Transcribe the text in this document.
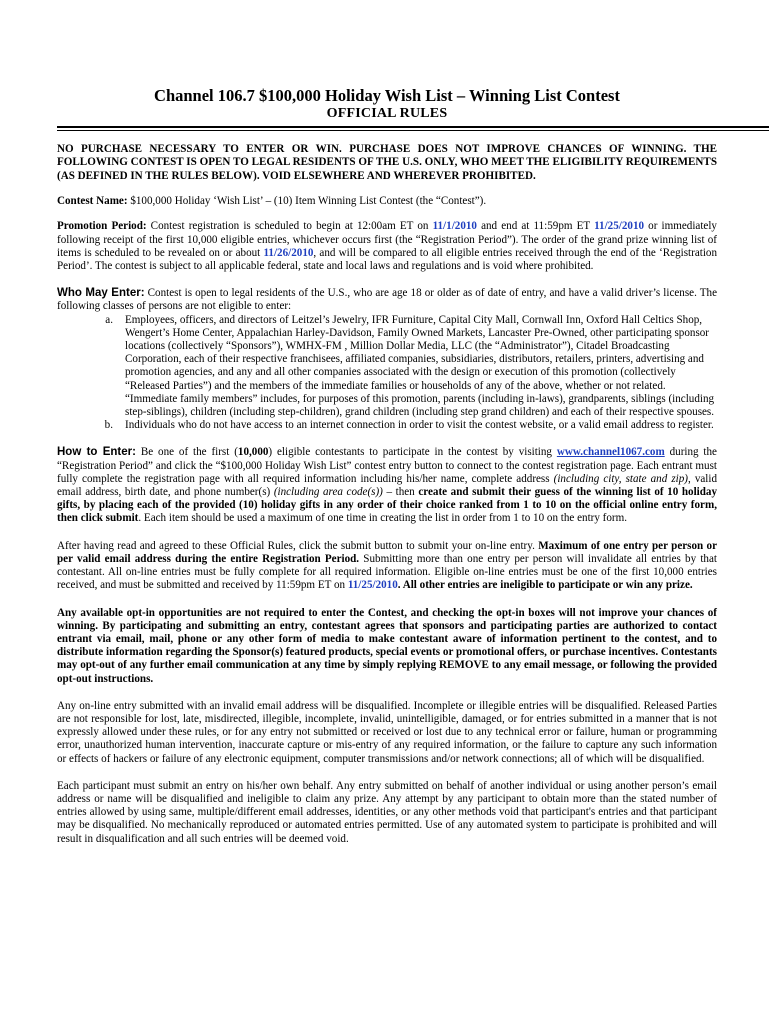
Channel 106.7 $100,000 Holiday Wish List – Winning List Contest
OFFICIAL RULES

NO PURCHASE NECESSARY TO ENTER OR WIN. PURCHASE DOES NOT IMPROVE CHANCES OF WINNING. THE FOLLOWING CONTEST IS OPEN TO LEGAL RESIDENTS OF THE U.S. ONLY, WHO MEET THE ELIGIBILITY REQUIREMENTS (AS DEFINED IN THE RULES BELOW). VOID ELSEWHERE AND WHEREVER PROHIBITED.

Contest Name: $100,000 Holiday ‘Wish List’ – (10) Item Winning List Contest (the “Contest”).

Promotion Period: Contest registration is scheduled to begin at 12:00am ET on 11/1/2010 and end at 11:59pm ET 11/25/2010 or immediately following receipt of the first 10,000 eligible entries, whichever occurs first (the “Registration Period”). The order of the grand prize winning list of items is scheduled to be revealed on or about 11/26/2010, and will be compared to all eligible entries received through the end of the ‘Registration Period’. The contest is subject to all applicable federal, state and local laws and regulations and is void where prohibited.

Who May Enter: Contest is open to legal residents of the U.S., who are age 18 or older as of date of entry, and have a valid driver’s license. The following classes of persons are not eligible to enter:

a.	Employees, officers, and directors of Leitzel’s Jewelry, IFR Furniture, Capital City Mall, Cornwall Inn, Oxford Hall Celtics Shop, Wengert’s Home Center, Appalachian Harley-Davidson, Family Owned Markets, Lancaster Pre-Owned, other participating sponsor locations (collectively “Sponsors”), WMHX-FM , Million Dollar Media, LLC (the “Administrator”), Citadel Broadcasting Corporation, each of their respective franchisees, affiliated companies, subsidiaries, distributors, retailers, printers, advertising and promotion agencies, and any and all other companies associated with the design or execution of this promotion (collectively “Released Parties”) and the members of the immediate families or households of any of the above, whether or not related. “Immediate family members” includes, for purposes of this promotion, parents (including in-laws), grandparents, siblings (including step-siblings), children (including step-children), grand children (including step grand children) and each of their respective spouses.
b.	Individuals who do not have access to an internet connection in order to visit the contest website, or a valid email address to register.

How to Enter: Be one of the first (10,000) eligible contestants to participate in the contest by visiting www.channel1067.com during the “Registration Period” and click the “$100,000 Holiday Wish List” contest entry button to connect to the contest registration page. Each entrant must fully complete the registration page with all required information including his/her name, complete address (including city, state and zip), valid email address, birth date, and phone number(s) (including area code(s)) – then create and submit their guess of the winning list of 10 holiday gifts, by placing each of the provided (10) holiday gifts in any order of their choice ranked from 1 to 10 on the official online entry form, then click submit. Each item should be used a maximum of one time in creating the list in order from 1 to 10 on the entry form.

After having read and agreed to these Official Rules, click the submit button to submit your on-line entry. Maximum of one entry per person or per valid email address during the entire Registration Period. Submitting more than one entry per person will invalidate all entries by that contestant. All on-line entries must be fully complete for all required information. Eligible on-line entries must be one of the first 10,000 entries received, and must be submitted and received by 11:59pm ET on 11/25/2010. All other entries are ineligible to participate or win any prize.

Any available opt-in opportunities are not required to enter the Contest, and checking the opt-in boxes will not improve your chances of winning. By participating and submitting an entry, contestant agrees that sponsors and participating parties are authorized to contact entrant via email, mail, phone or any other form of media to make contestant aware of information pertinent to the contest, and to distribute information regarding the Sponsor(s) featured products, special events or promotional offers, or purchase incentives. Contestants may opt-out of any further email communication at any time by simply replying REMOVE to any email message, or following the provided opt-out instructions.

Any on-line entry submitted with an invalid email address will be disqualified. Incomplete or illegible entries will be disqualified. Released Parties are not responsible for lost, late, misdirected, illegible, incomplete, invalid, unintelligible, damaged, or for entries submitted in a manner that is not expressly allowed under these rules, or for any entry not submitted or received or lost due to any technical error or failure, human or programming error, unauthorized human intervention, inaccurate capture or mis-entry of any required information, or the failure to capture any such information or effects of hackers or failure of any electronic equipment, computer transmissions and/or network connections; all of which will be disqualified.

Each participant must submit an entry on his/her own behalf. Any entry submitted on behalf of another individual or using another person’s email address or name will be disqualified and ineligible to claim any prize. Any attempt by any participant to obtain more than the stated number of entries allowed by using same, multiple/different email addresses, identities, or any other methods void that participant's entries and that participant may be disqualified. No mechanically reproduced or automated entries permitted. Use of any automated system to participate is prohibited and will result in disqualification and all such entries will be deemed void.
